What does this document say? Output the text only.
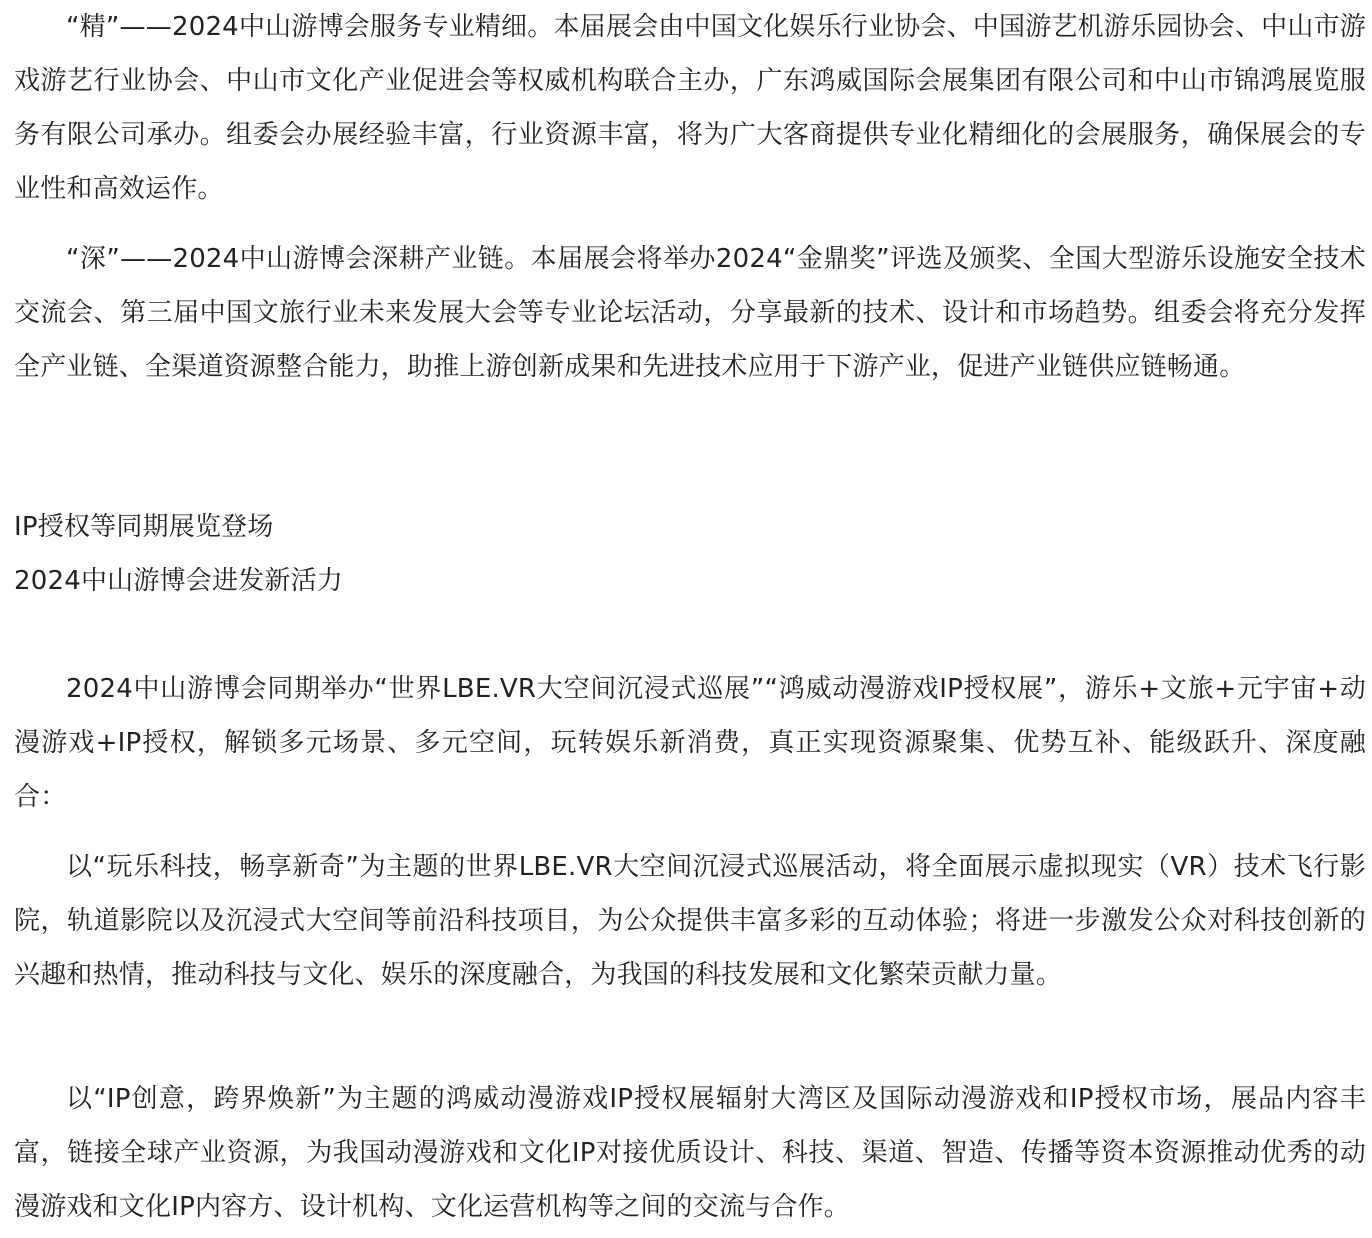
“精”——2024中山游博会服务专业精细。本届展会由中国文化娱乐行业协会、中国游艺机游乐园协会、中山市游戏游艺行业协会、中山市文化产业促进会等权威机构联合主办，广东鸿威国际会展集团有限公司和中山市锦鸿展览服务有限公司承办。组委会办展经验丰富，行业资源丰富，将为广大客商提供专业化精细化的会展服务，确保展会的专业性和高效运作。

“深”——2024中山游博会深耕产业链。本届展会将举办2024“金鼎奖”评选及颁奖、全国大型游乐设施安全技术交流会、第三届中国文旅行业未来发展大会等专业论坛活动，分享最新的技术、设计和市场趋势。组委会将充分发挥全产业链、全渠道资源整合能力，助推上游创新成果和先进技术应用于下游产业，促进产业链供应链畅通。

IP授权等同期展览登场

2024中山游博会进发新活力

2024中山游博会同期举办“世界LBE.VR大空间沉浸式巡展”“鸿威动漫游戏IP授权展”，游乐+文旅+元宇宙+动漫游戏+IP授权，解锁多元场景、多元空间，玩转娱乐新消费，真正实现资源聚集、优势互补、能级跃升、深度融合：

以“玩乐科技，畅享新奇”为主题的世界LBE.VR大空间沉浸式巡展活动，将全面展示虚拟现实（VR）技术飞行影院，轨道影院以及沉浸式大空间等前沿科技项目，为公众提供丰富多彩的互动体验；将进一步激发公众对科技创新的兴趣和热情，推动科技与文化、娱乐的深度融合，为我国的科技发展和文化繁荣贡献力量。

以“IP创意，跨界焕新”为主题的鸿威动漫游戏IP授权展辐射大湾区及国际动漫游戏和IP授权市场，展品内容丰富，链接全球产业资源，为我国动漫游戏和文化IP对接优质设计、科技、渠道、智造、传播等资本资源推动优秀的动漫游戏和文化IP内容方、设计机构、文化运营机构等之间的交流与合作。
